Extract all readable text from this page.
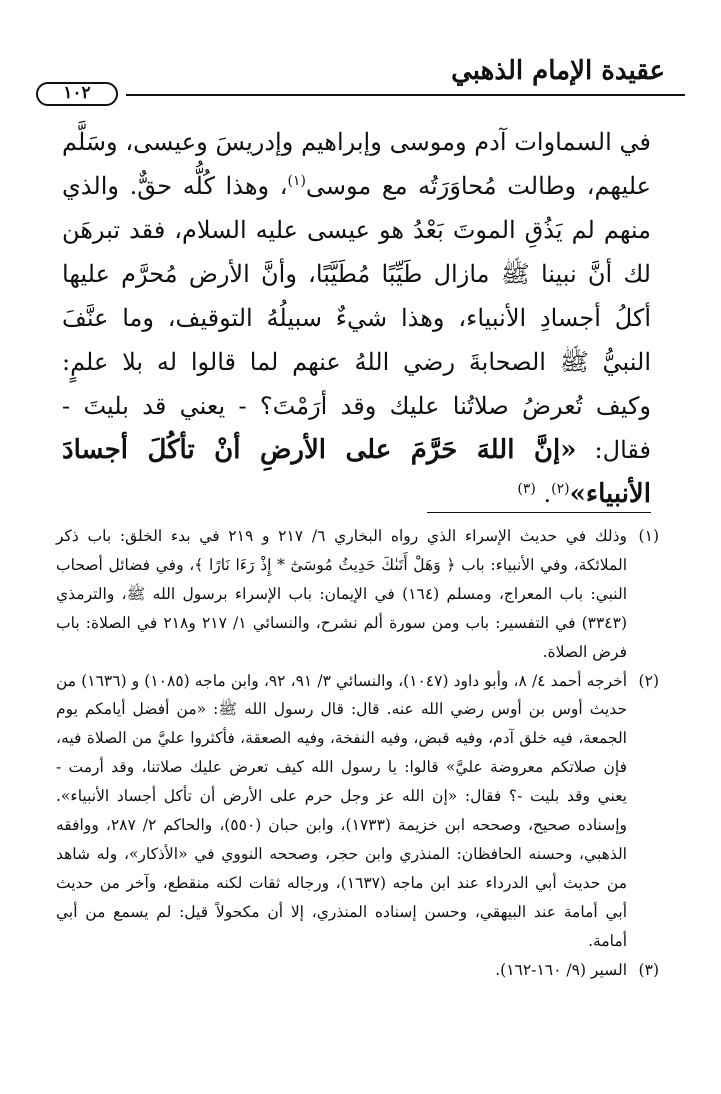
عقيدة الإمام الذهبي
١٠٢

في السماوات آدم وموسى وإبراهيم وإدريسَ وعيسى، وسَلَّم عليهم، وطالت مُحاوَرَتُه مع موسى$^{(١)}$، وهذا كُلُّه حقٌّ. والذي منهم لم يَذُقِ الموتَ بَعْدُ هو عيسى عليه السلام، فقد تبرهَن لك أنَّ نبينا ﷺ مازال طَيِّبًا مُطَيَّبًا، وأنَّ الأرض مُحرَّم عليها أكلُ أجسادِ الأنبياء، وهذا شيءٌ سبيلُهُ التوقيف، وما عنَّفَ النبيُّ ﷺ الصحابةَ رضي اللهُ عنهم لما قالوا له بلا علمٍ: وكيف تُعرضُ صلاتُنا عليك وقد أرَمْتَ؟ - يعني قد بليتَ - فقال: «إنَّ اللهَ حَرَّمَ على الأرضِ أنْ تأكُلَ أجسادَ الأنبياء»$^{(٢)}$. $^{(٣)}$

(١)
وذلك في حديث الإسراء الذي رواه البخاري ٦/ ٢١٧ و ٢١٩ في بدء الخلق: باب ذكر الملائكة، وفي الأنبياء: باب ﴿ وَهَلْ أَتَىٰكَ حَدِيثُ مُوسَىٰٓ * إِذْ رَءَا نَارًا ﴾، وفي فضائل أصحاب النبي: باب المعراج، ومسلم (١٦٤) في الإيمان: باب الإسراء برسول الله ﷺ، والترمذي (٣٣٤٣) في التفسير: باب ومن سورة ألم نشرح، والنسائي ١/ ٢١٧ و٢١٨ في الصلاة: باب فرض الصلاة.
(٢)
أخرجه أحمد ٤/ ٨، وأبو داود (١٠٤٧)، والنسائي ٣/ ٩١، ٩٢، وابن ماجه (١٠٨٥) و (١٦٣٦) من حديث أوس بن أوس رضي الله عنه. قال: قال رسول الله ﷺ: «من أفضل أيامكم يوم الجمعة، فيه خلق آدم، وفيه قبض، وفيه النفخة، وفيه الصعقة، فأكثروا عليَّ من الصلاة فيه، فإن صلاتكم معروضة عليَّ» قالوا: يا رسول الله كيف تعرض عليك صلاتنا، وقد أرمت - يعني وقد بليت -؟ فقال: «إن الله عز وجل حرم على الأرض أن تأكل أجساد الأنبياء». وإسناده صحيح، وصححه ابن خزيمة (١٧٣٣)، وابن حبان (٥٥٠)، والحاكم ٢/ ٢٨٧، ووافقه الذهبي، وحسنه الحافظان: المنذري وابن حجر، وصححه النووي في «الأذكار»، وله شاهد من حديث أبي الدرداء عند ابن ماجه (١٦٣٧)، ورجاله ثقات لكنه منقطع، وآخر من حديث أبي أمامة عند البيهقي، وحسن إسناده المنذري، إلا أن مكحولاً قيل: لم يسمع من أبي أمامة.
(٣)
السير (٩/ ١٦٠-١٦٢).
